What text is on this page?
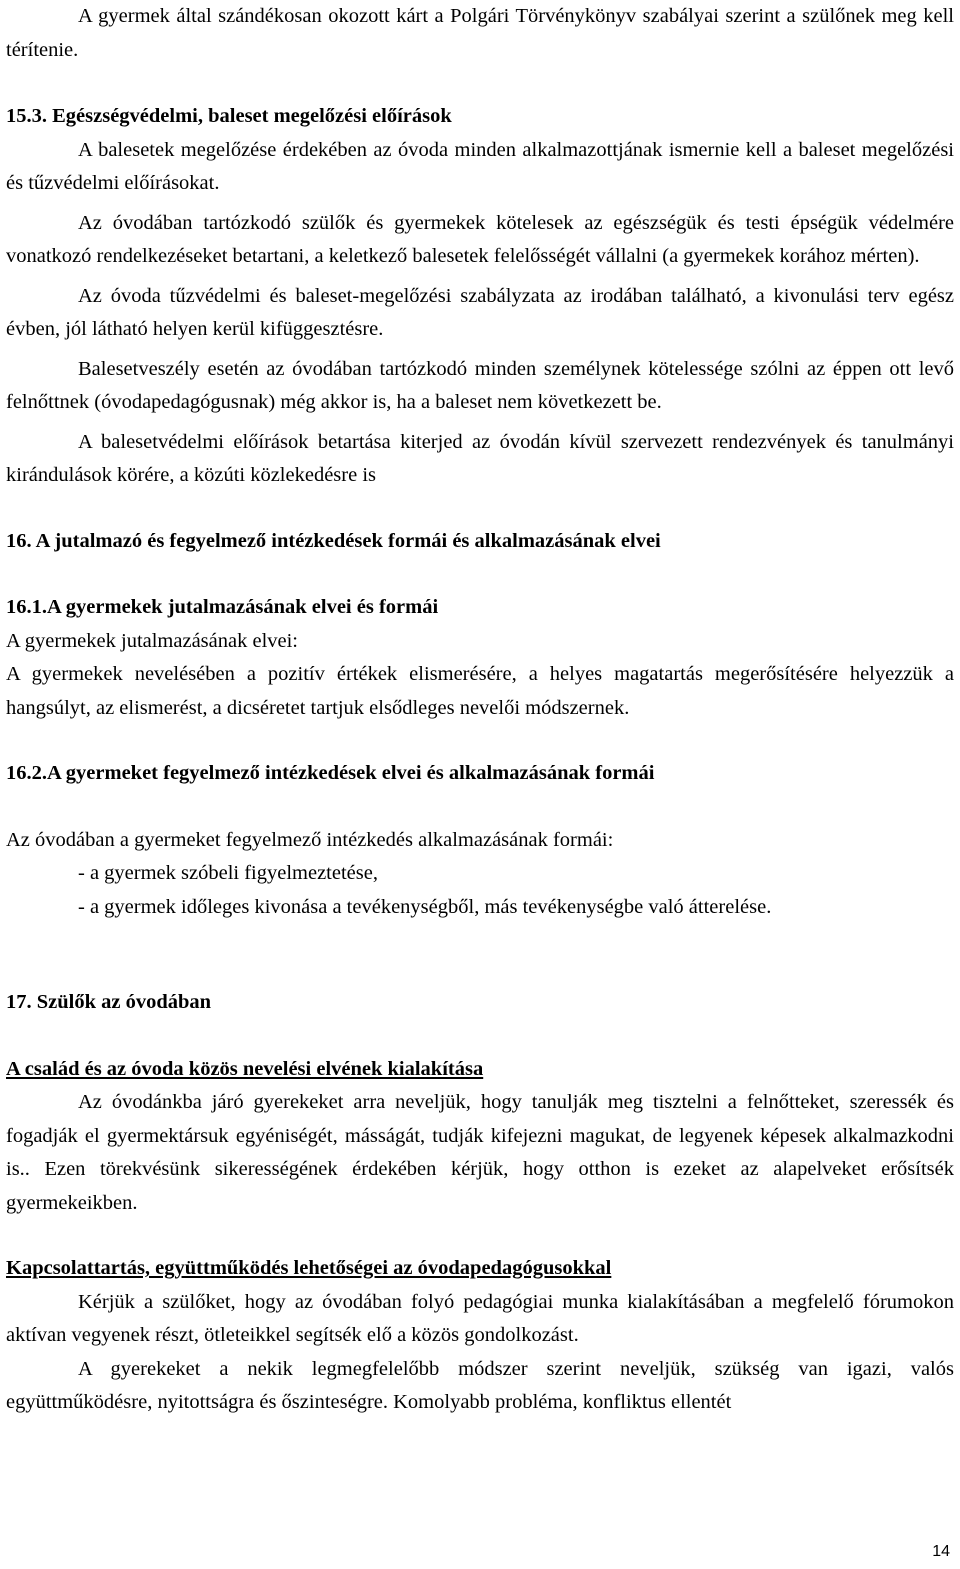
A gyermek által szándékosan okozott kárt a Polgári Törvénykönyv szabályai szerint a szülőnek meg kell térítenie.

15.3. Egészségvédelmi, baleset megelőzési előírások

A balesetek megelőzése érdekében az óvoda minden alkalmazottjának ismernie kell a baleset megelőzési és tűzvédelmi előírásokat.

Az óvodában tartózkodó szülők és gyermekek kötelesek az egészségük és testi épségük védelmére vonatkozó rendelkezéseket betartani, a keletkező balesetek felelősségét vállalni (a gyermekek korához mérten).

Az óvoda tűzvédelmi és baleset-megelőzési szabályzata az irodában található, a kivonulási terv egész évben, jól látható helyen kerül kifüggesztésre.

Balesetveszély esetén az óvodában tartózkodó minden személynek kötelessége szólni az éppen ott levő felnőttnek (óvodapedagógusnak) még akkor is, ha a baleset nem következett be.

A balesetvédelmi előírások betartása kiterjed az óvodán kívül szervezett rendezvények és tanulmányi kirándulások körére, a közúti közlekedésre is

16. A jutalmazó és fegyelmező intézkedések formái és alkalmazásának elvei

16.1.A gyermekek jutalmazásának elvei és formái

A gyermekek jutalmazásának elvei:

A gyermekek nevelésében a pozitív értékek elismerésére, a helyes magatartás megerősítésére helyezzük a hangsúlyt, az elismerést, a dicséretet tartjuk elsődleges nevelői módszernek.

16.2.A gyermeket fegyelmező intézkedések elvei és alkalmazásának formái

Az óvodában a gyermeket fegyelmező intézkedés alkalmazásának formái:

- a gyermek szóbeli figyelmeztetése,

- a gyermek időleges kivonása a tevékenységből, más tevékenységbe való átterelése.

17. Szülők az óvodában

A család és az óvoda közös nevelési elvének kialakítása

Az óvodánkba járó gyerekeket arra neveljük, hogy tanulják meg tisztelni a felnőtteket, szeressék és fogadják el gyermektársuk egyéniségét, másságát, tudják kifejezni magukat, de legyenek képesek alkalmazkodni is.. Ezen törekvésünk sikerességének érdekében kérjük, hogy otthon is ezeket az alapelveket erősítsék gyermekeikben.

Kapcsolattartás, együttműködés lehetőségei az óvodapedagógusokkal

Kérjük a szülőket, hogy az óvodában folyó pedagógiai munka kialakításában a megfelelő fórumokon aktívan vegyenek részt, ötleteikkel segítsék elő a közös gondolkozást.

A gyerekeket a nekik legmegfelelőbb módszer szerint neveljük, szükség van igazi, valós együttműködésre, nyitottságra és őszinteségre. Komolyabb probléma, konfliktus ellentét

14
